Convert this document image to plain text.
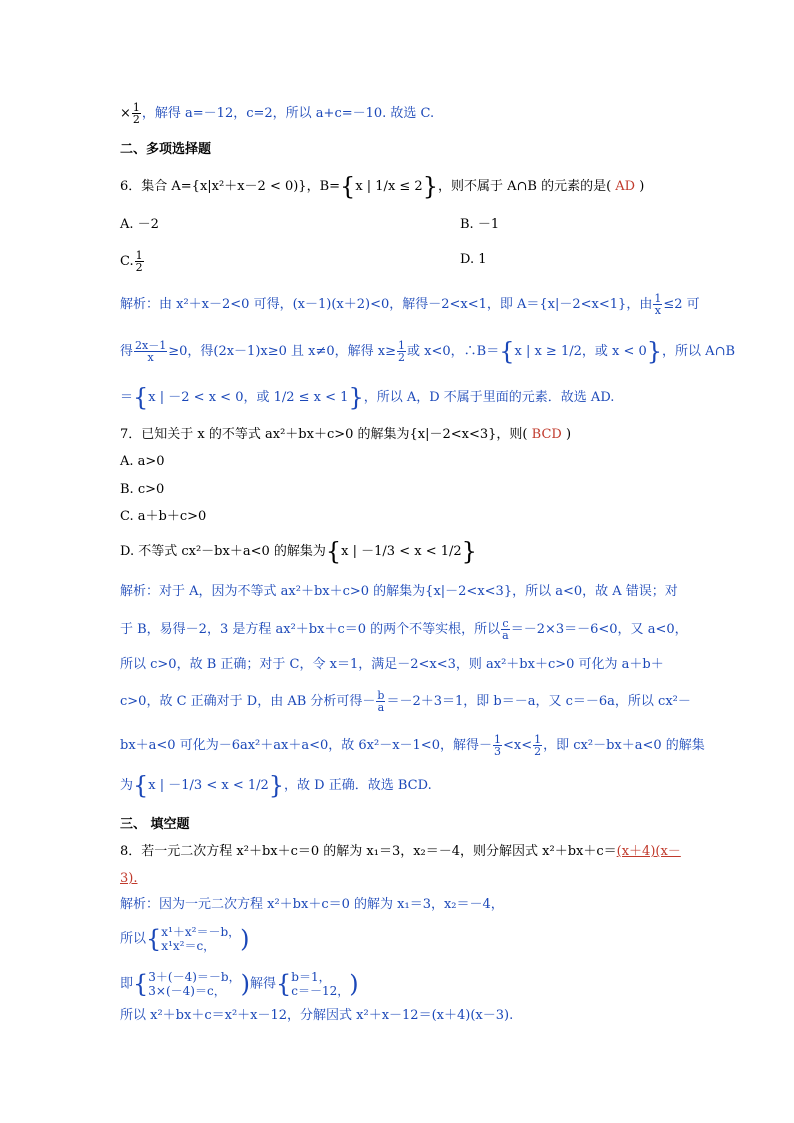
× $\frac{1}{2}$ ，解得 a=－12，c=2，所以 a+c=－10. 故选 C.
二、多项选择题
6．集合 A={x|x²＋x－2 < 0)}，B={x | 1/x ≤ 2}，则不属于 A∩B 的元素的是( AD )
A. －2	B. －1
C. $\frac{1}{2}$	D. 1
解析：由 x²＋x－2<0 可得，(x－1)(x＋2)<0，解得－2<x<1，即 A＝{x|－2<x<1}，由 $\frac{1}{x} \le 2$ 可
得 $\frac{2x-1}{x} \ge 0$，得(2x－1)x≥0 且 x≠0，解得 $x\ge \frac{1}{2}$ 或 x<0，∴B＝{x | x ≥ 1/2，或 x < 0}，所以 A∩B
＝{x | －2 < x < 0，或 1/2 ≤ x < 1}，所以 A，D 不属于里面的元素．故选 AD.
7．已知关于 x 的不等式 ax²＋bx＋c>0 的解集为{x|－2<x<3}，则( BCD )
A. a>0
B. c>0
C. a＋b＋c>0
D. 不等式 cx²－bx＋a<0 的解集为{x | －1/3 < x < 1/2}
解析：对于 A，因为不等式 ax²＋bx＋c>0 的解集为{x|－2<x<3}，所以 a<0，故 A 错误；对
于 B，易得－2，3 是方程 ax²＋bx＋c＝0 的两个不等实根，所以 $\frac{c}{a} =-2\times 3=-6<0$，又 a<0，
所以 c>0，故 B 正确；对于 C，令 x＝1，满足－2<x<3，则 ax²＋bx＋c>0 可化为 a＋b＋
c>0，故 C 正确对于 D，由 AB 分析可得－ $\frac{b}{a} =-2+3=1$，即 b＝－a，又 c＝－6a，所以 cx²－
bx＋a<0 可化为－6ax²＋ax＋a<0，故 6x²－x－1<0，解得－ $\frac{1}{3} <x< \frac{1}{2}$ ，即 cx²－bx＋a<0 的解集
为{x | －1/3 < x < 1/2}，故 D 正确．故选 BCD.
三、 填空题
8．若一元二次方程 x²＋bx＋c＝0 的解为 x₁＝3，x₂＝－4，则分解因式 x²＋bx＋c＝(x＋4)(x－
3).
解析：因为一元二次方程 x²＋bx＋c＝0 的解为 x₁＝3，x₂＝－4，
所以{x¹＋x²＝－b，
x¹x²＝c， )
即{3＋(－4)＝－b，
3×(－4)＝c， )解得{b＝1，
c＝－12，)
所以 x²＋bx＋c＝x²＋x－12，分解因式 x²＋x－12＝(x＋4)(x－3).
